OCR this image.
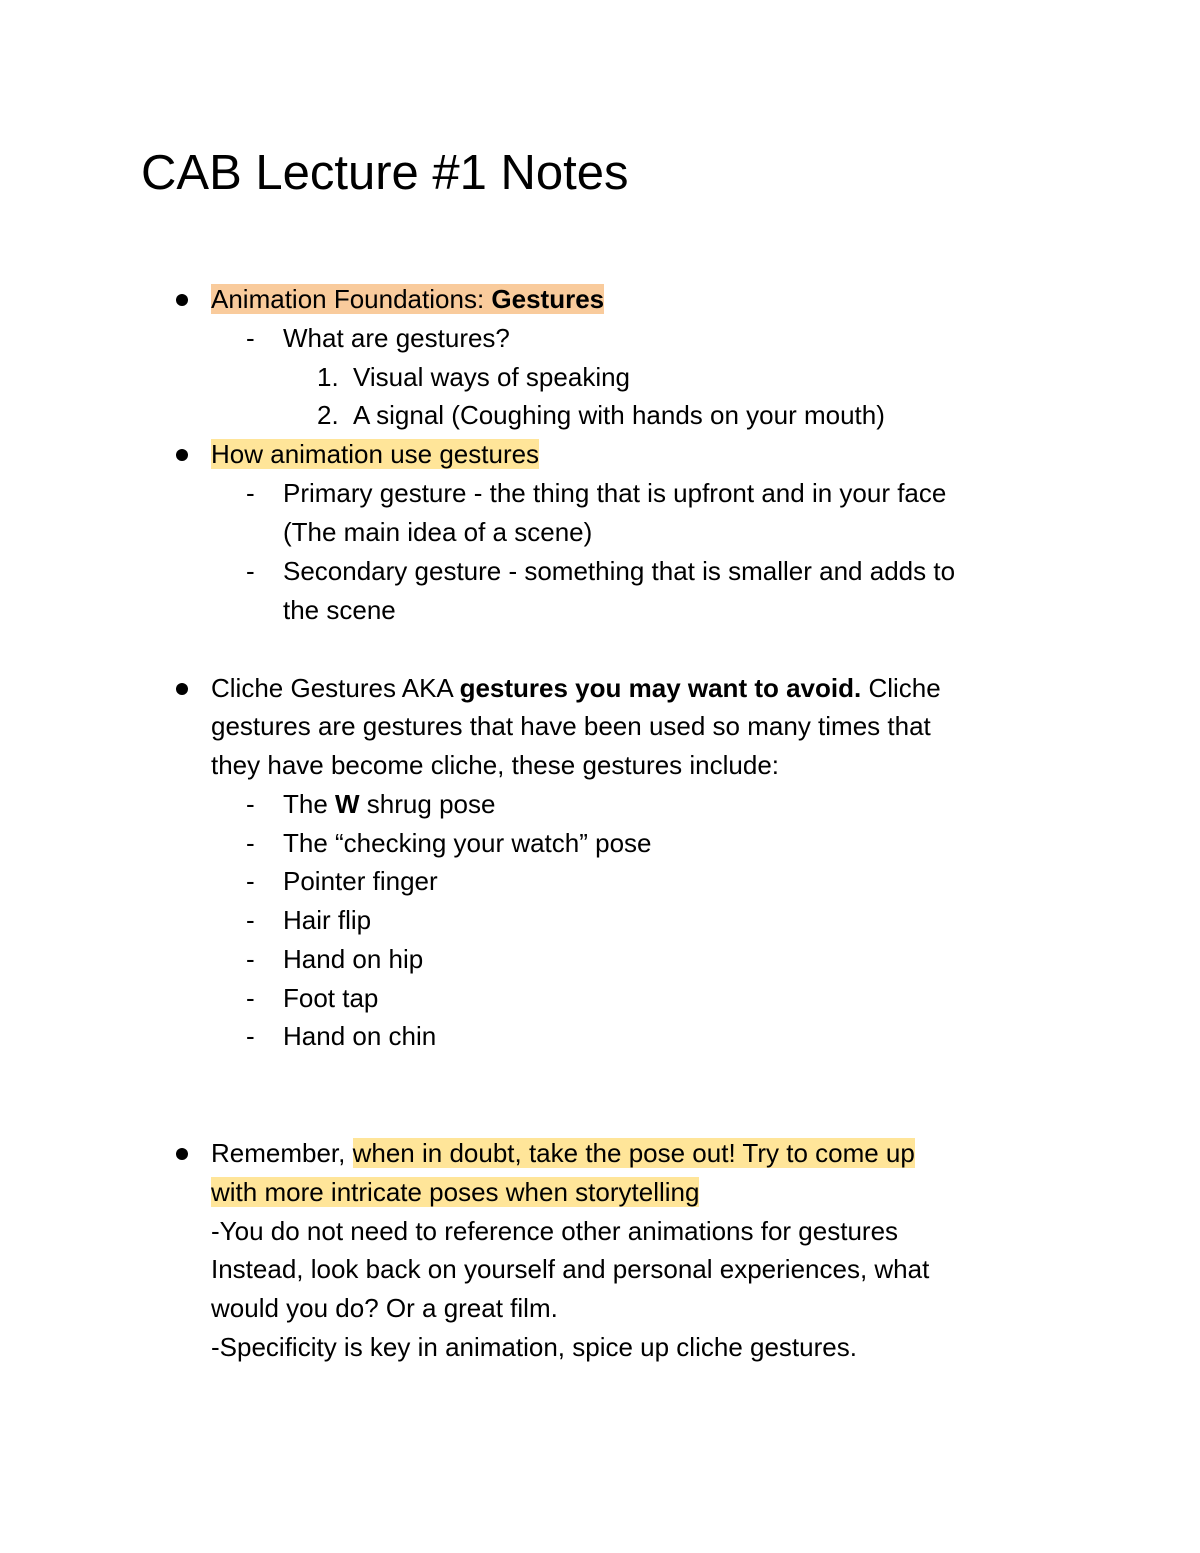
CAB Lecture #1 Notes
Animation Foundations: Gestures
- What are gestures?
1. Visual ways of speaking
2. A signal (Coughing with hands on your mouth)
How animation use gestures
- Primary gesture - the thing that is upfront and in your face
(The main idea of a scene)
- Secondary gesture - something that is smaller and adds to
the scene
Cliche Gestures AKA gestures you may want to avoid. Cliche
gestures are gestures that have been used so many times that
they have become cliche, these gestures include:
- The W shrug pose
- The “checking your watch” pose
- Pointer finger
- Hair flip
- Hand on hip
- Foot tap
- Hand on chin
Remember, when in doubt, take the pose out! Try to come up
with more intricate poses when storytelling
-You do not need to reference other animations for gestures
Instead, look back on yourself and personal experiences, what
would you do? Or a great film.
-Specificity is key in animation, spice up cliche gestures.
